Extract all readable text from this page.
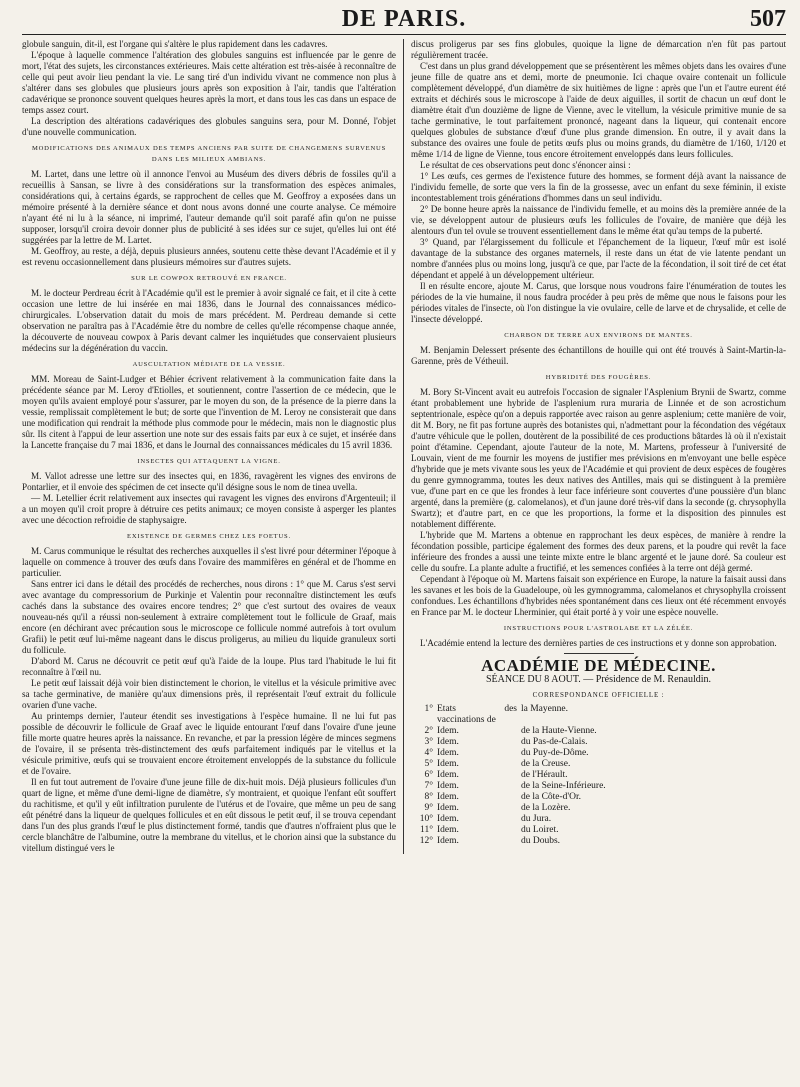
DE PARIS.	507

globule sanguin, dit-il, est l'organe qui s'altère le plus rapidement dans les cadavres.

L'époque à laquelle commence l'altération des globules sanguins est influencée par le genre de mort, l'état des sujets, les circonstances extérieures. Mais cette altération est très-aisée à reconnaître de celle qui peut avoir lieu pendant la vie. Le sang tiré d'un individu vivant ne commence non plus à s'altérer dans ses globules que plusieurs jours après son exposition à l'air, tandis que l'altération cadavérique se prononce souvent quelques heures après la mort, et dans tous les cas dans un espace de temps assez court.

La description des altérations cadavériques des globules sanguins sera, pour M. Donné, l'objet d'une nouvelle communication.

MODIFICATIONS DES ANIMAUX DES TEMPS ANCIENS PAR SUITE DE CHANGEMENS SURVENUS DANS LES MILIEUX AMBIANS.

M. Lartet, dans une lettre où il annonce l'envoi au Muséum des divers débris de fossiles qu'il a recueillis à Sansan, se livre à des considérations sur la transformation des espèces animales, considérations qui, à certains égards, se rapprochent de celles que M. Geoffroy a exposées dans un mémoire présenté à la dernière séance et dont nous avons donné une courte analyse. Ce mémoire n'ayant été ni lu à la séance, ni imprimé, l'auteur demande qu'il soit parafé afin qu'on ne puisse supposer, lorsqu'il croira devoir donner plus de publicité à ses idées sur ce sujet, qu'elles lui ont été suggérées par la lettre de M. Lartet.

M. Geoffroy, au reste, a déjà, depuis plusieurs années, soutenu cette thèse devant l'Académie et il y est revenu occasionnellement dans plusieurs mémoires sur d'autres sujets.

SUR LE COWPOX RETROUVÉ EN FRANCE.

M. le docteur Perdreau écrit à l'Académie qu'il est le premier à avoir signalé ce fait, et il cite à cette occasion une lettre de lui insérée en mai 1836, dans le Journal des connaissances médico-chirurgicales. L'observation datait du mois de mars précédent. M. Perdreau demande si cette observation ne paraîtra pas à l'Académie être du nombre de celles qu'elle récompense chaque année, la découverte de nouveau cowpox à Paris devant calmer les inquiétudes que conservaient plusieurs médecins sur la dégénération du vaccin.

AUSCULTATION MÉDIATE DE LA VESSIE.

MM. Moreau de Saint-Ludger et Béhier écrivent relativement à la communication faite dans la précédente séance par M. Leroy d'Etiolles, et soutiennent, contre l'assertion de ce médecin, que le moyen qu'ils avaient employé pour s'assurer, par le moyen du son, de la présence de la pierre dans la vessie, remplissait complètement le but; de sorte que l'invention de M. Leroy ne consisterait que dans une modification qui rendrait la méthode plus commode pour le médecin, mais non le diagnostic plus sûr. Ils citent à l'appui de leur assertion une note sur des essais faits par eux à ce sujet, et insérée dans la Lancette française du 7 mai 1836, et dans le Journal des connaissances médicales du 15 avril 1836.

INSECTES QUI ATTAQUENT LA VIGNE.

M. Vallot adresse une lettre sur des insectes qui, en 1836, ravagèrent les vignes des environs de Pontarlier, et il envoie des spécimen de cet insecte qu'il désigne sous le nom de tinea uvella.

— M. Letellier écrit relativement aux insectes qui ravagent les vignes des environs d'Argenteuil; il a un moyen qu'il croit propre à détruire ces petits animaux; ce moyen consiste à asperger les plantes avec une décoction refroidie de staphysaigre.

EXISTENCE DE GERMES CHEZ LES FOETUS.

M. Carus communique le résultat des recherches auxquelles il s'est livré pour déterminer l'époque à laquelle on commence à trouver des œufs dans l'ovaire des mammifères en général et de l'homme en particulier.

Sans entrer ici dans le détail des procédés de recherches, nous dirons : 1° que M. Carus s'est servi avec avantage du compressorium de Purkinje et Valentin pour reconnaître distinctement les œufs cachés dans la substance des ovaires encore tendres; 2° que c'est surtout des ovaires de veaux nouveau-nés qu'il a réussi non-seulement à extraire complètement tout le follicule de Graaf, mais encore (en déchirant avec précaution sous le microscope ce follicule nommé autrefois à tort ovulum Grafii) le petit œuf lui-même nageant dans le discus proligerus, au milieu du liquide granuleux sorti du follicule.

D'abord M. Carus ne découvrit ce petit œuf qu'à l'aide de la loupe. Plus tard l'habitude le lui fit reconnaître à l'œil nu.

Le petit œuf laissait déjà voir bien distinctement le chorion, le vitellus et la vésicule primitive avec sa tache germinative, de manière qu'aux dimensions près, il représentait l'œuf extrait du follicule ovarien d'une vache.

Au printemps dernier, l'auteur étendit ses investigations à l'espèce humaine. Il ne lui fut pas possible de découvrir le follicule de Graaf avec le liquide entourant l'œuf dans l'ovaire d'une jeune fille morte quatre heures après la naissance. En revanche, et par la pression légère de minces segmens de l'ovaire, il se présenta très-distinctement des œufs parfaitement indiqués par le vitellus et la vésicule primitive, œufs qui se trouvaient encore étroitement enveloppés de la substance du follicule et de l'ovaire.

Il en fut tout autrement de l'ovaire d'une jeune fille de dix-huit mois. Déjà plusieurs follicules d'un quart de ligne, et même d'une demi-ligne de diamètre, s'y montraient, et quoique l'enfant eût souffert du rachitisme, et qu'il y eût infiltration purulente de l'utérus et de l'ovaire, que même un peu de sang eût pénétré dans la liqueur de quelques follicules et en eût dissous le petit œuf, il se trouva cependant dans l'un des plus grands l'œuf le plus distinctement formé, tandis que d'autres n'offraient plus que le cercle blanchâtre de l'albumine, outre la membrane du vitellus, et le chorion ainsi que la substance du vitellum distingué vers le

discus proligerus par ses fins globules, quoique la ligne de démarcation n'en fût pas partout régulièrement tracée.

C'est dans un plus grand développement que se présentèrent les mêmes objets dans les ovaires d'une jeune fille de quatre ans et demi, morte de pneumonie. Ici chaque ovaire contenait un follicule complètement développé, d'un diamètre de six huitièmes de ligne : après que l'un et l'autre eurent été extraits et déchirés sous le microscope à l'aide de deux aiguilles, il sortit de chacun un œuf dont le diamètre était d'un douzième de ligne de Vienne, avec le vitellum, la vésicule primitive munie de sa tache germinative, le tout parfaitement prononcé, nageant dans la liqueur, qui contenait encore quelques globules de substance d'œuf d'une plus grande dimension. En outre, il y avait dans la substance des ovaires une foule de petits œufs plus ou moins grands, du diamètre de 1/160, 1/120 et même 1/14 de ligne de Vienne, tous encore étroitement enveloppés dans leurs follicules.

Le résultat de ces observations peut donc s'énoncer ainsi :

1° Les œufs, ces germes de l'existence future des hommes, se forment déjà avant la naissance de l'individu femelle, de sorte que vers la fin de la grossesse, avec un enfant du sexe féminin, il existe incontestablement trois générations d'hommes dans un seul individu.

2° De bonne heure après la naissance de l'individu femelle, et au moins dès la première année de la vie, se développent autour de plusieurs œufs les follicules de l'ovaire, de manière que déjà les alentours d'un tel ovule se trouvent essentiellement dans le même état qu'au temps de la puberté.

3° Quand, par l'élargissement du follicule et l'épanchement de la liqueur, l'œuf mûr est isolé davantage de la substance des organes maternels, il reste dans un état de vie latente pendant un nombre d'années plus ou moins long, jusqu'à ce que, par l'acte de la fécondation, il soit tiré de cet état dépendant et appelé à un développement ultérieur.

Il en résulte encore, ajoute M. Carus, que lorsque nous voudrons faire l'énumération de toutes les périodes de la vie humaine, il nous faudra procéder à peu près de même que nous le faisons pour les périodes vitales de l'insecte, où l'on distingue la vie ovulaire, celle de larve et de chrysalide, et celle de l'insecte développé.

CHARBON DE TERRE AUX ENVIRONS DE MANTES.

M. Benjamin Delessert présente des échantillons de houille qui ont été trouvés à Saint-Martin-la-Garenne, près de Vétheuil.

HYBRIDITÉ DES FOUGÈRES.

M. Bory St-Vincent avait eu autrefois l'occasion de signaler l'Asplenium Brynii de Swartz, comme étant probablement une hybride de l'asplenium rura muraria de Linnée et de son acrostichum septentrionale, espèce qu'on a depuis rapportée avec raison au genre asplenium; cette manière de voir, dit M. Bory, ne fit pas fortune auprès des botanistes qui, n'admettant pour la fécondation des végétaux d'autre véhicule que le pollen, doutèrent de la possibilité de ces productions bâtardes là où il n'existait point d'étamine. Cependant, ajoute l'auteur de la note, M. Martens, professeur à l'université de Louvain, vient de me fournir les moyens de justifier mes prévisions en m'envoyant une belle espèce d'hybride que je mets vivante sous les yeux de l'Académie et qui provient de deux espèces de fougères du genre gymnogramma, toutes les deux natives des Antilles, mais qui se distinguent à la première vue, d'une part en ce que les frondes à leur face inférieure sont couvertes d'une poussière d'un blanc argenté, dans la première (g. calomelanos), et d'un jaune doré très-vif dans la seconde (g. chrysophylla Swartz); et d'autre part, en ce que les proportions, la forme et la disposition des pinnules est notablement différente.

L'hybride que M. Martens a obtenue en rapprochant les deux espèces, de manière à rendre la fécondation possible, participe également des formes des deux parens, et la poudre qui revêt la face inférieure des frondes a aussi une teinte mixte entre le blanc argenté et le jaune doré. Sa couleur est celle du soufre. La plante adulte a fructifié, et les semences confiées à la terre ont déjà germé.

Cependant à l'époque où M. Martens faisait son expérience en Europe, la nature la faisait aussi dans les savanes et les bois de la Guadeloupe, où les gymnogramma, calomelanos et chrysophylla croissent confondues. Les échantillons d'hybrides nées spontanément dans ces lieux ont été récemment envoyés en France par M. le docteur Lherminier, qui était porté à y voir une espèce nouvelle.

INSTRUCTIONS POUR L'ASTROLABE ET LA ZÉLÉE.

L'Académie entend la lecture des dernières parties de ces instructions et y donne son approbation.

ACADÉMIE DE MÉDECINE.
SÉANCE DU 8 AOUT. — Présidence de M. Renauldin.
CORRESPONDANCE OFFICIELLE :
1°	Etats des vaccinations de	la Mayenne.
2°	Idem.	de la Haute-Vienne.
3°	Idem.	du Pas-de-Calais.
4°	Idem.	du Puy-de-Dôme.
5°	Idem.	de la Creuse.
6°	Idem.	de l'Hérault.
7°	Idem.	de la Seine-Inférieure.
8°	Idem.	de la Côte-d'Or.
9°	Idem.	de la Lozère.
10°	Idem.	du Jura.
11°	Idem.	du Loiret.
12°	Idem.	du Doubs.
